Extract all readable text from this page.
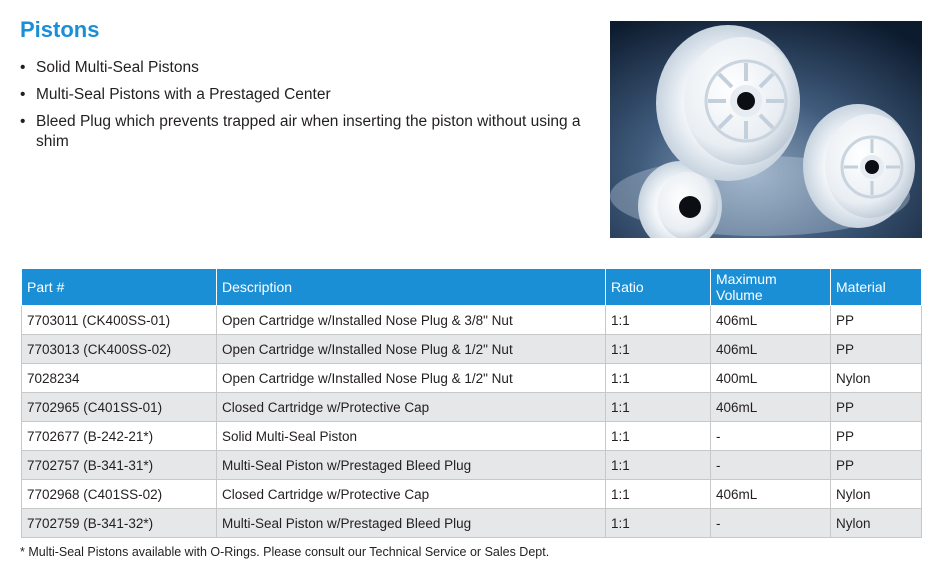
Pistons
• Solid Multi-Seal Pistons
• Multi-Seal Pistons with a Prestaged Center
• Bleed Plug which prevents trapped air when inserting the piston without using a shim
Part #	Description	Ratio	Maximum Volume	Material
7703011 (CK400SS-01)	Open Cartridge w/Installed Nose Plug & 3/8" Nut	1:1	406mL	PP
7703013 (CK400SS-02)	Open Cartridge w/Installed Nose Plug & 1/2" Nut	1:1	406mL	PP
7028234	Open Cartridge w/Installed Nose Plug & 1/2" Nut	1:1	400mL	Nylon
7702965 (C401SS-01)	Closed Cartridge w/Protective Cap	1:1	406mL	PP
7702677 (B-242-21*)	Solid Multi-Seal Piston	1:1	-	PP
7702757 (B-341-31*)	Multi-Seal Piston w/Prestaged Bleed Plug	1:1	-	PP
7702968 (C401SS-02)	Closed Cartridge w/Protective Cap	1:1	406mL	Nylon
7702759 (B-341-32*)	Multi-Seal Piston w/Prestaged Bleed Plug	1:1	-	Nylon
* Multi-Seal Pistons available with O-Rings. Please consult our Technical Service or Sales Dept.
